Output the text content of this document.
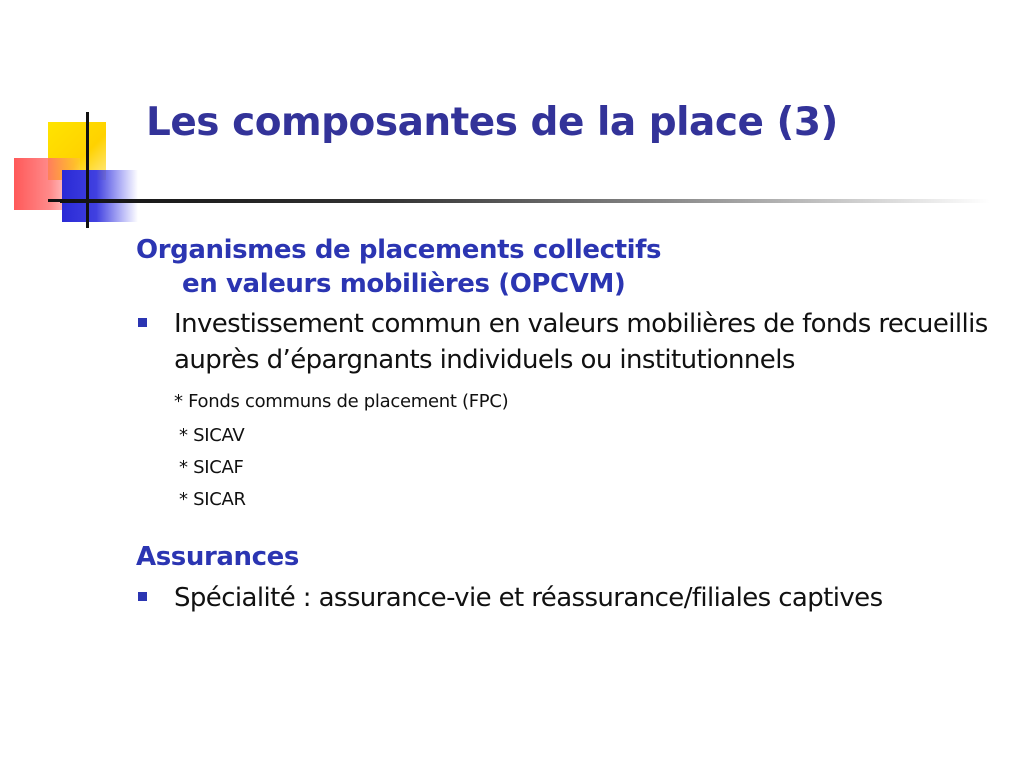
Les composantes de la place (3)
Organismes de placements collectifs
en valeurs mobilières (OPCVM)
Investissement commun en valeurs mobilières de fonds recueillis auprès d’épargnants individuels ou institutionnels
* Fonds communs de placement (FPC)
* SICAV
* SICAF
* SICAR
Assurances
Spécialité : assurance-vie et réassurance/filiales captives
